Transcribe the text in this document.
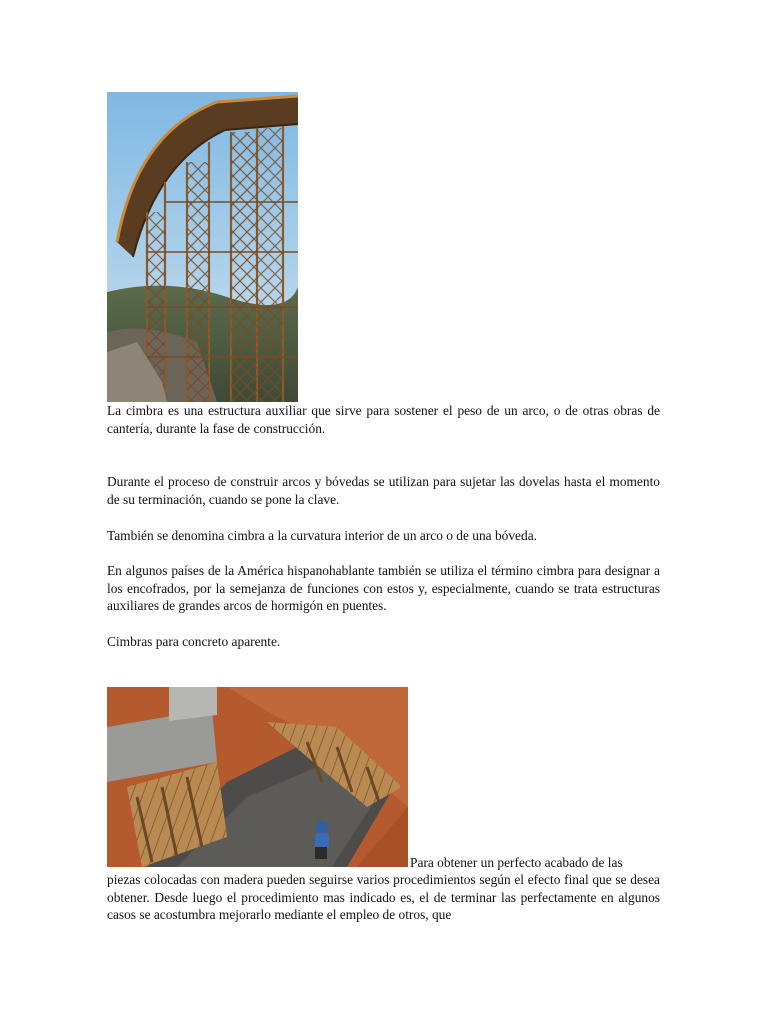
La cimbra es una estructura auxiliar que sirve para sostener el peso de un arco, o de otras obras de cantería, durante la fase de construcción.

Durante el proceso de construir arcos y bóvedas se utilizan para sujetar las dovelas hasta el momento de su terminación, cuando se pone la clave.

También se denomina cimbra a la curvatura interior de un arco o de una bóveda.

En algunos países de la América hispanohablante también se utiliza el término cimbra para designar a los encofrados, por la semejanza de funciones con estos y, especialmente, cuando se trata estructuras auxiliares de grandes arcos de hormigón en puentes.

Cimbras para concreto aparente.

Para obtener un perfecto acabado de las

piezas colocadas con madera pueden seguirse varios procedimientos según el efecto final que se desea obtener. Desde luego el procedimiento mas indicado es, el de terminar las perfectamente en algunos casos se acostumbra mejorarlo mediante el empleo de otros, que
